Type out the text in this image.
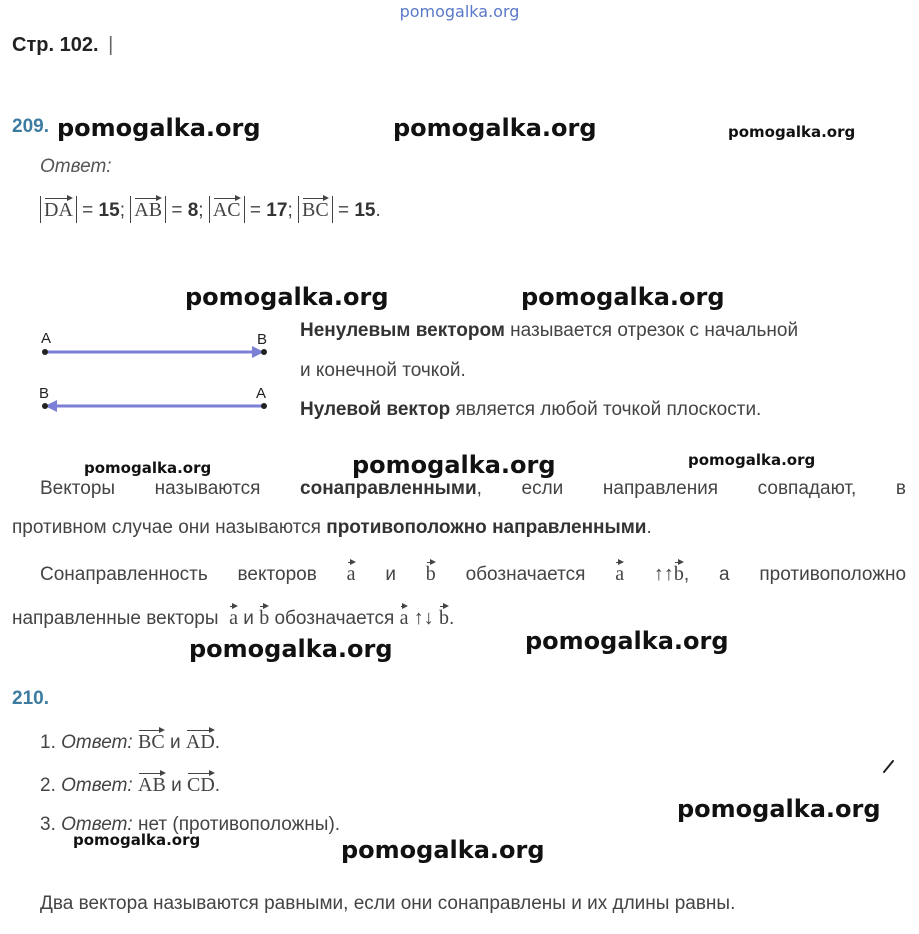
pomogalka.org
pomogalka.org	pomogalka.org	pomogalka.org
pomogalka.org	pomogalka.org
pomogalka.org	pomogalka.org	pomogalka.org
pomogalka.org	pomogalka.org
pomogalka.org
pomogalka.org	pomogalka.org
Стр. 102. |
209.
Ответ:
DA = 15; AB = 8; AC = 17; BC = 15.
A	B
B	A
Ненулевым вектором называется отрезок с начальной
и конечной точкой.
Нулевой вектор является любой точкой плоскости.
Векторы называются сонаправленными, если направления совпадают, в
противном случае они называются противоположно направленными.
Сонаправленность векторов a и b обозначается a ↑↑b, а противоположно
направленные векторы a и b обозначается a ↑↓ b.
210.
1. Ответ: BC и AD.
2. Ответ: AB и CD.
3. Ответ: нет (противоположны).
Два вектора называются равными, если они сонаправлены и их длины равны.
